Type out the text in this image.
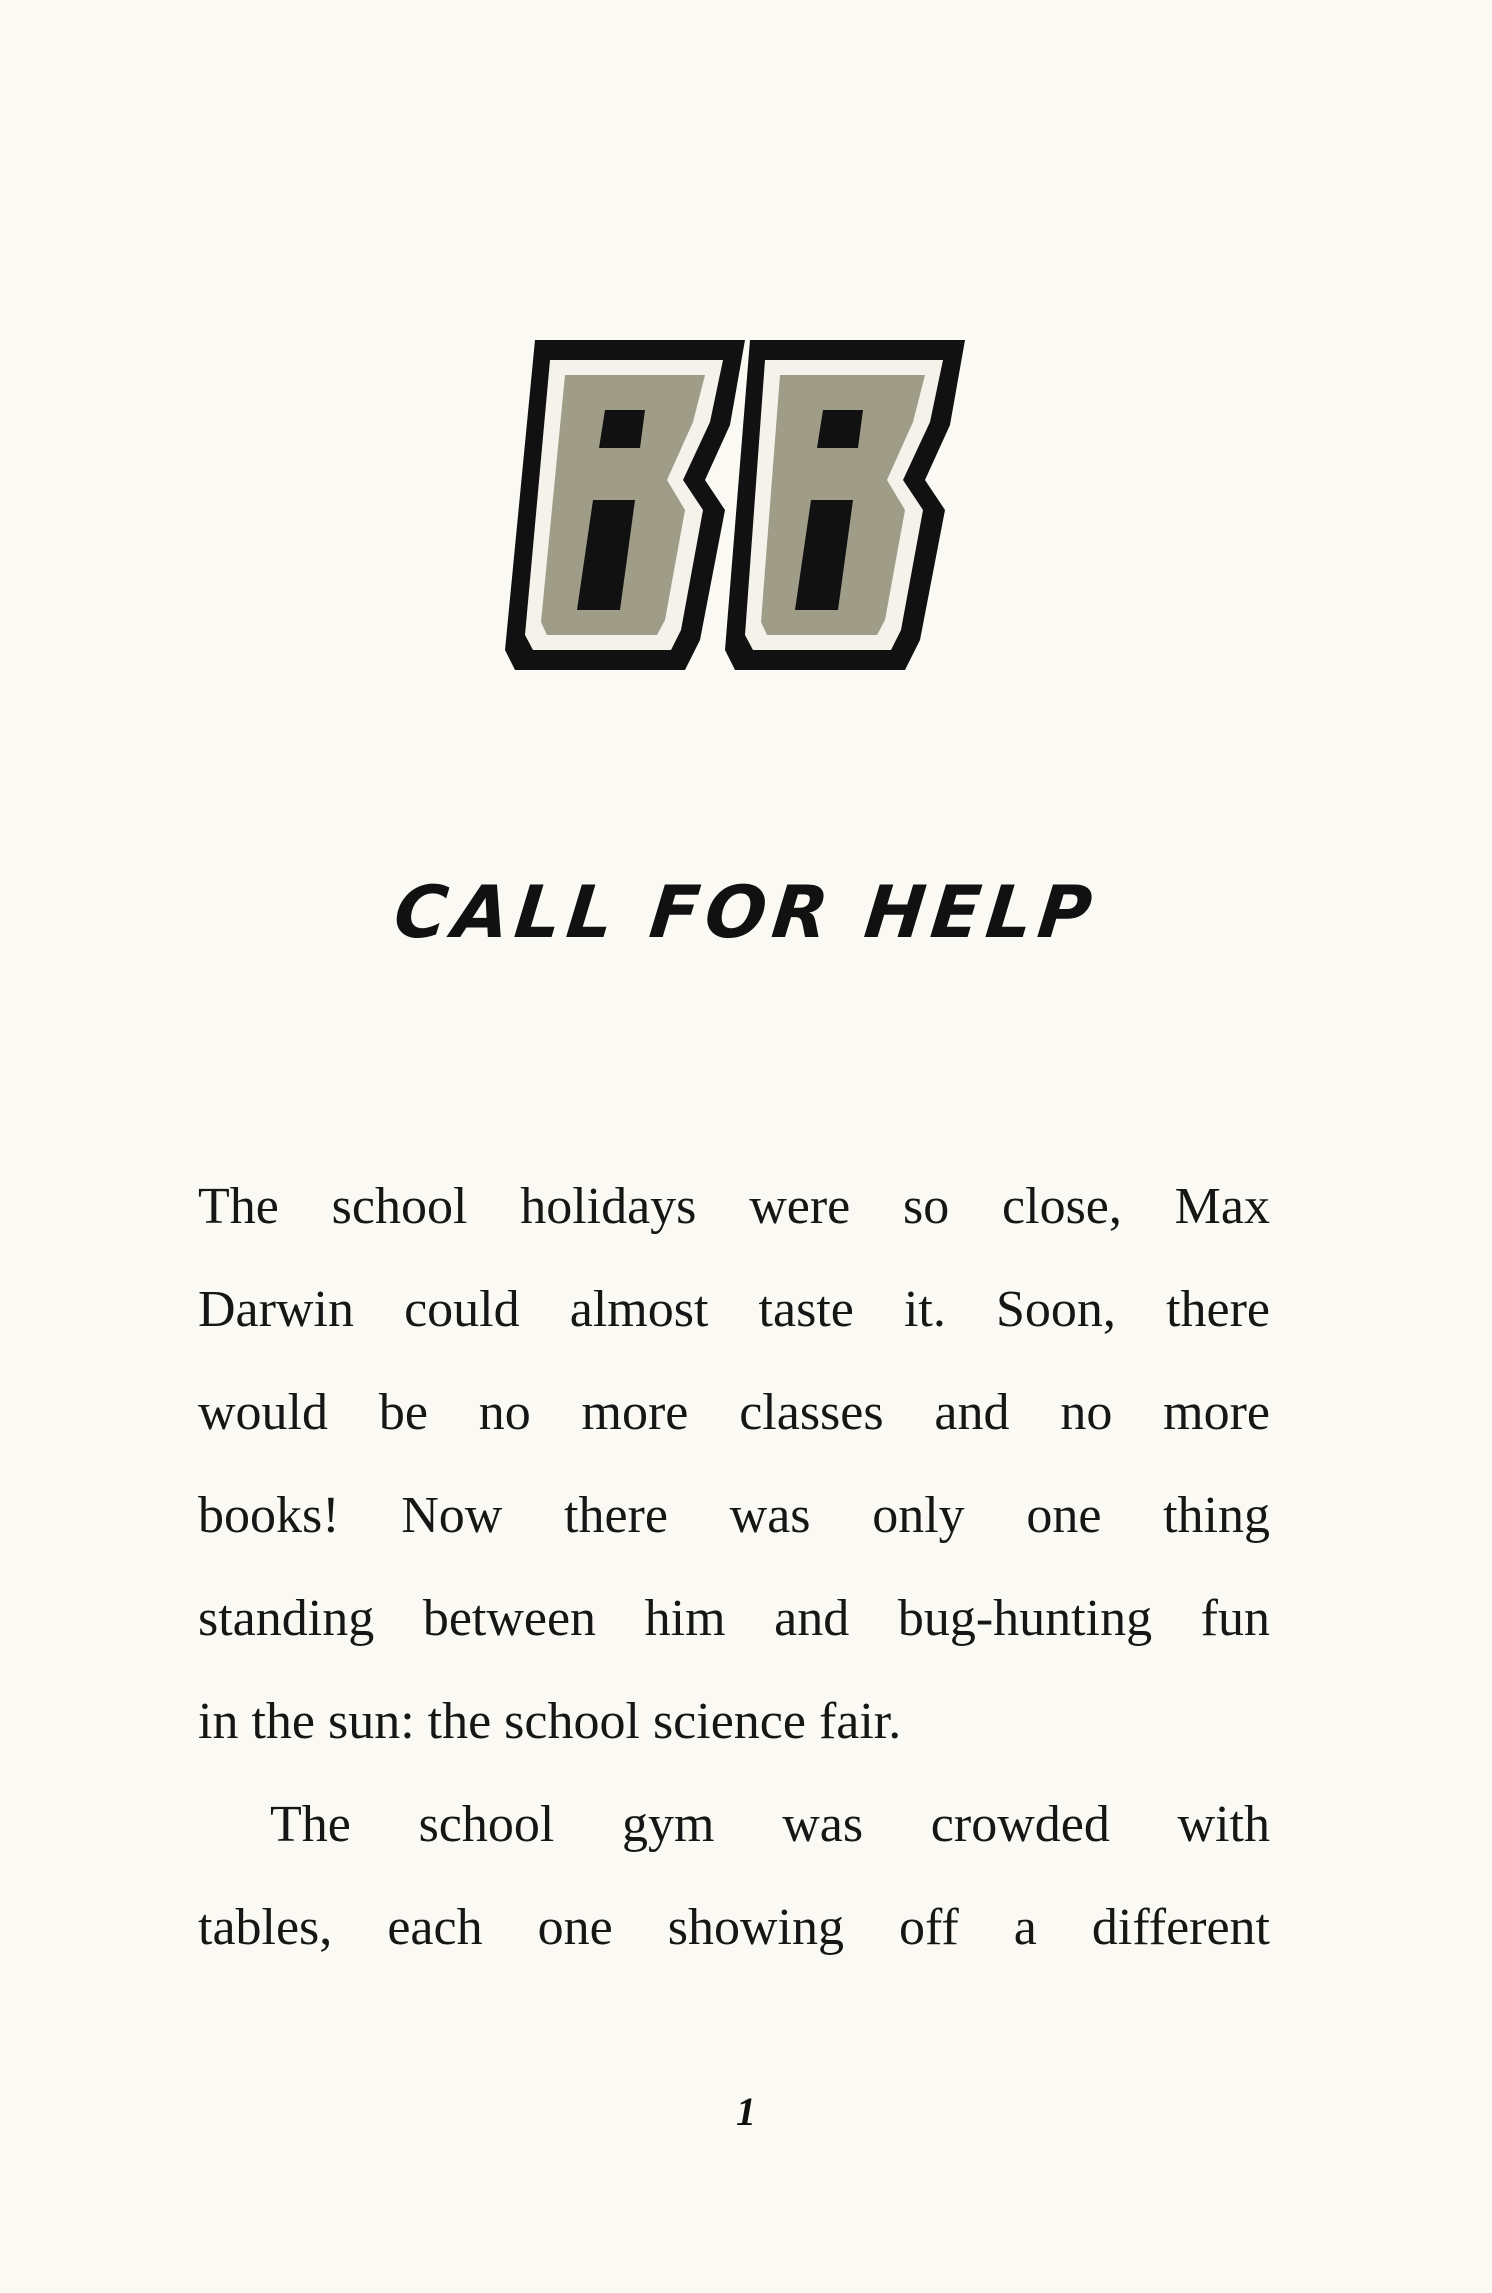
CALL FOR HELP
The school holidays were so close, Max
Darwin could almost taste it. Soon, there
would be no more classes and no more
books! Now there was only one thing
standing between him and bug-hunting fun
in the sun: the school science fair.
The school gym was crowded with
tables, each one showing off a different
1
